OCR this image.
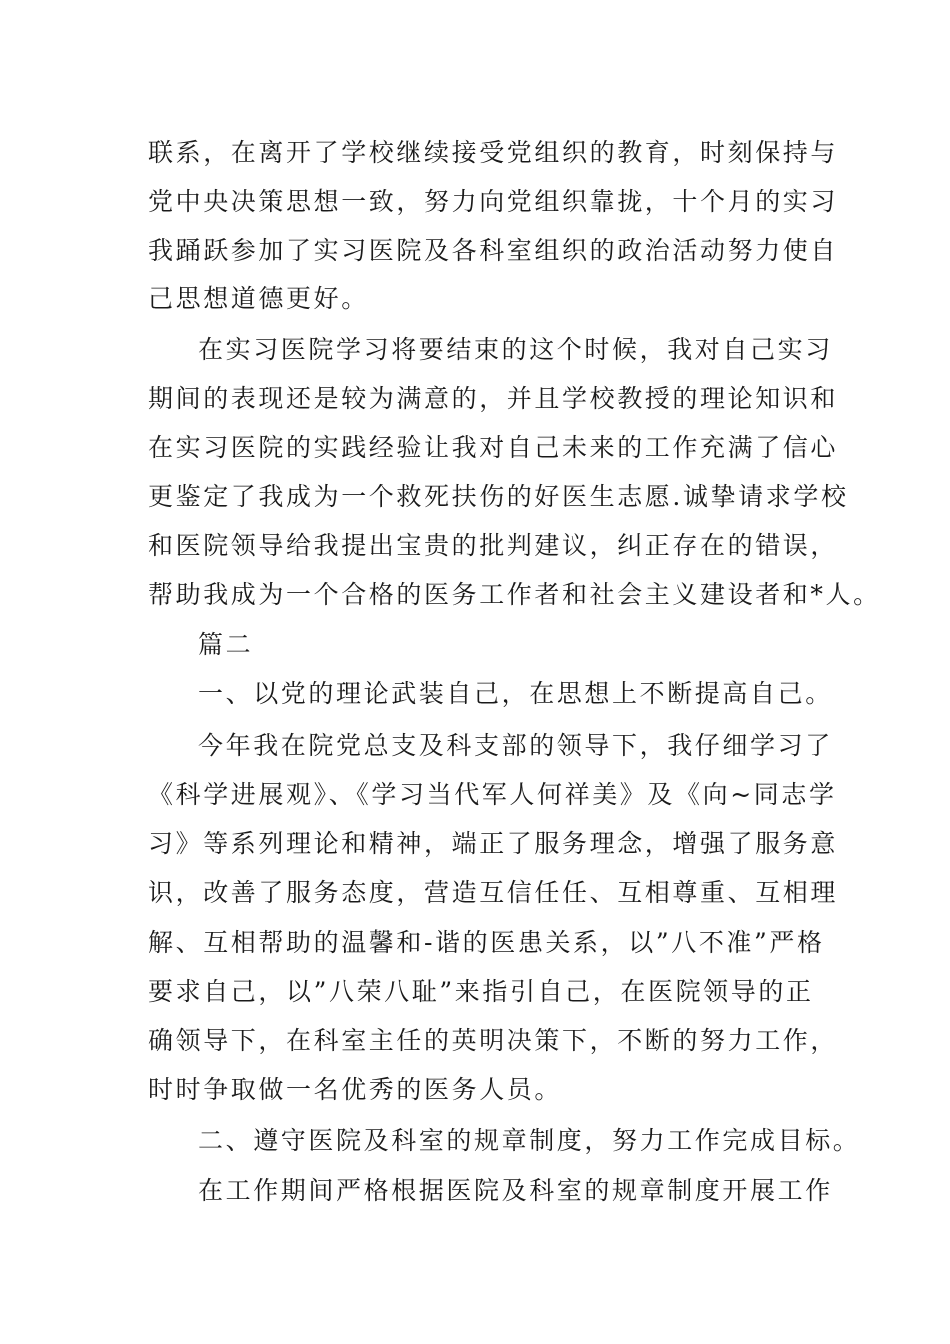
联系，在离开了学校继续接受党组织的教育，时刻保持与
党中央决策思想一致，努力向党组织靠拢，十个月的实习
我踊跃参加了实习医院及各科室组织的政治活动努力使自
己思想道德更好。
在实习医院学习将要结束的这个时候，我对自己实习
期间的表现还是较为满意的，并且学校教授的理论知识和
在实习医院的实践经验让我对自己未来的工作充满了信心
更鉴定了我成为一个救死扶伤的好医生志愿.诚挚请求学校
和医院领导给我提出宝贵的批判建议，纠正存在的错误，
帮助我成为一个合格的医务工作者和社会主义建设者和*人。
篇二
一、以党的理论武装自己，在思想上不断提高自己。
今年我在院党总支及科支部的领导下，我仔细学习了
《科学进展观》、《学习当代军人何祥美》及《向~同志学
习》等系列理论和精神，端正了服务理念，增强了服务意
识，改善了服务态度，营造互信任任、互相尊重、互相理
解、互相帮助的温馨和-谐的医患关系，以”八不准”严格
要求自己，以”八荣八耻”来指引自己，在医院领导的正
确领导下，在科室主任的英明决策下，不断的努力工作，
时时争取做一名优秀的医务人员。
二、遵守医院及科室的规章制度，努力工作完成目标。
在工作期间严格根据医院及科室的规章制度开展工作
